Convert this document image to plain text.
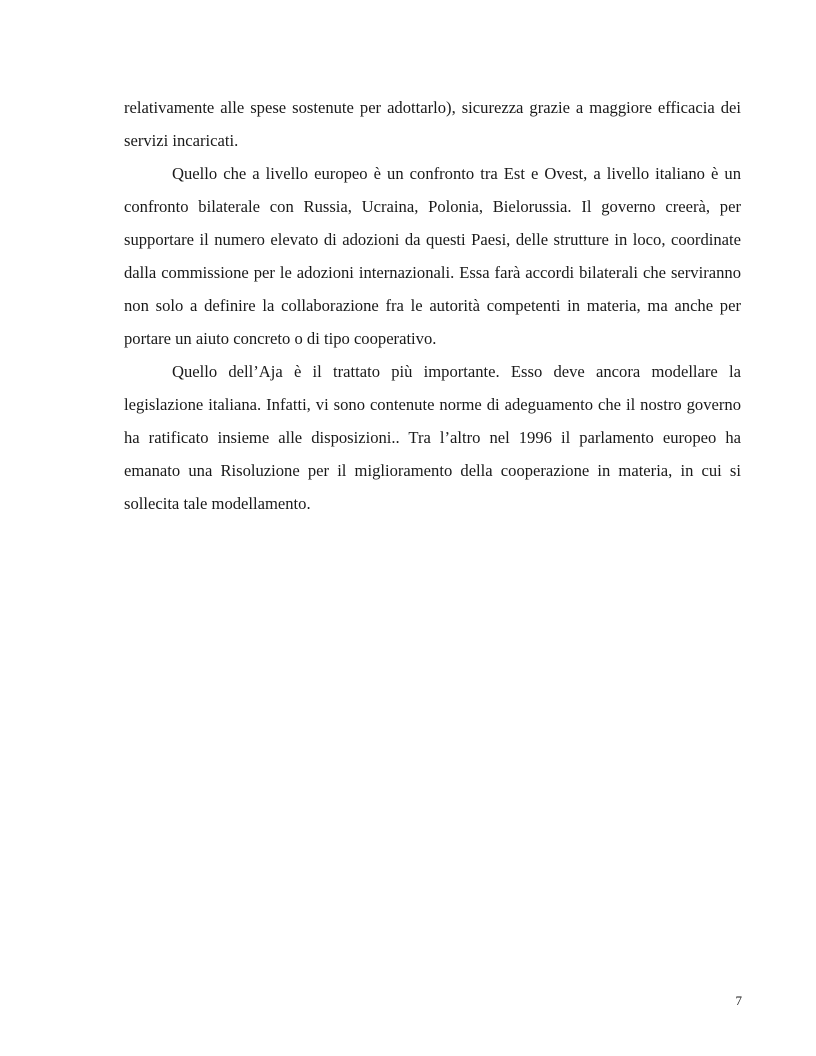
relativamente alle spese sostenute per adottarlo), sicurezza grazie a maggiore efficacia dei servizi incaricati.

Quello che a livello europeo è un confronto tra Est e Ovest, a livello italiano è un confronto bilaterale con Russia, Ucraina, Polonia, Bielorussia. Il governo creerà, per supportare il numero elevato di adozioni da questi Paesi, delle strutture in loco, coordinate dalla commissione per le adozioni internazionali. Essa farà accordi bilaterali che serviranno non solo a definire la collaborazione fra le autorità competenti in materia, ma anche per portare un aiuto concreto o di tipo cooperativo.

Quello dell’Aja è il trattato più importante. Esso deve ancora modellare la legislazione italiana. Infatti, vi sono contenute norme di adeguamento che il nostro governo ha ratificato insieme alle disposizioni.. Tra l’altro nel 1996 il parlamento europeo ha emanato una Risoluzione per il miglioramento della cooperazione in materia, in cui si sollecita tale modellamento.

7
